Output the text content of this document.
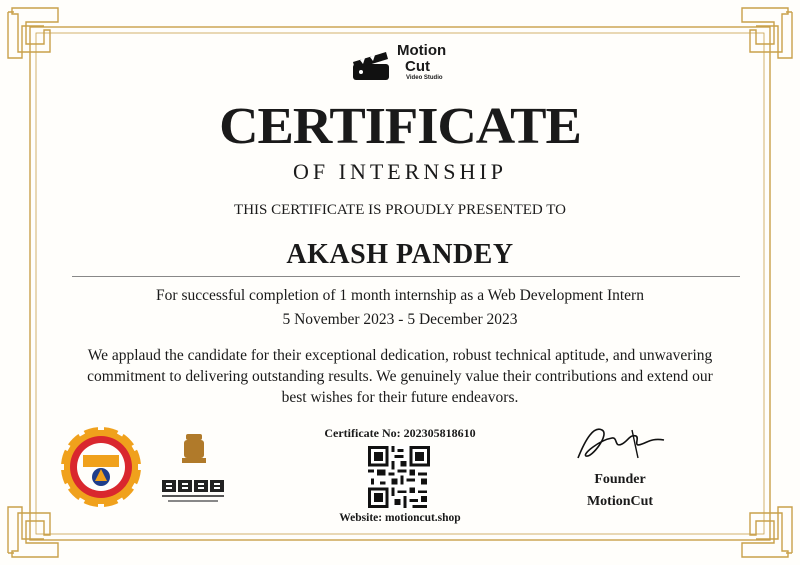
Motion
Cut
Video Studio
CERTIFICATE
OF INTERNSHIP
THIS CERTIFICATE IS PROUDLY PRESENTED TO
AKASH PANDEY
For successful completion of 1 month internship as a Web Development Intern
5 November 2023 - 5 December 2023
We applaud the candidate for their exceptional dedication, robust technical aptitude, and unwavering
commitment to delivering outstanding results. We genuinely value their contributions and extend our
best wishes for their future endeavors.
Certificate No: 202305818610
Website: motioncut.shop
Founder
MotionCut
